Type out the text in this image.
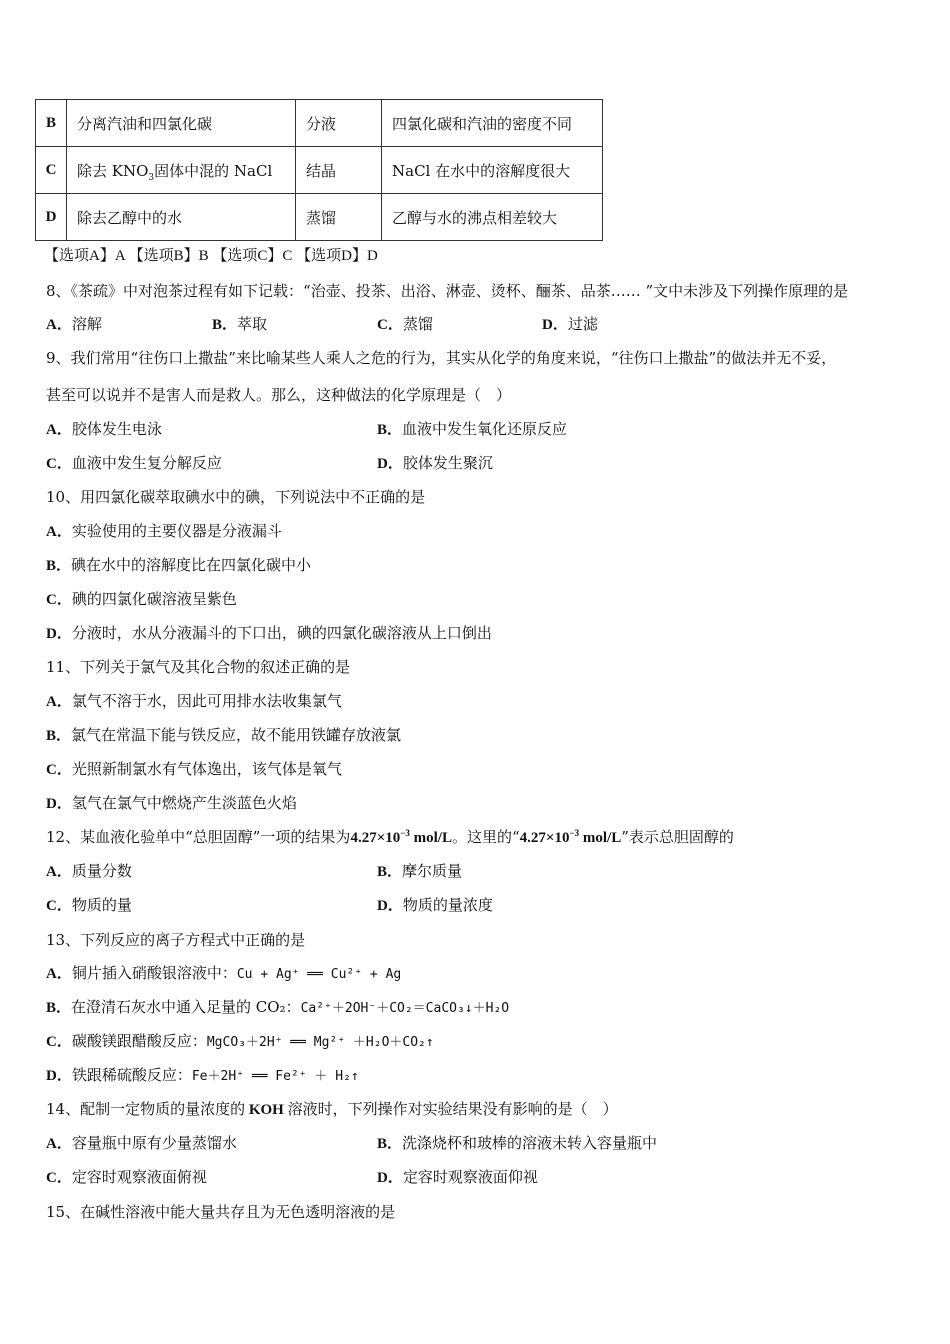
B	分离汽油和四氯化碳	分液	四氯化碳和汽油的密度不同
C	除去 $KNO_3$固体中混的 NaCl	结晶	NaCl 在水中的溶解度很大
D	除去乙醇中的水	蒸馏	乙醇与水的沸点相差较大
【选项A】A 【选项B】B 【选项C】C 【选项D】D
8、《茶疏》中对泡茶过程有如下记载：“治壶、投茶、出浴、淋壶、烫杯、酾茶、品茶…… ”文中未涉及下列操作原理的是
A．溶解	B．萃取	C．蒸馏	D．过滤
9、我们常用“往伤口上撒盐”来比喻某些人乘人之危的行为，其实从化学的角度来说，“往伤口上撒盐”的做法并无不妥，
甚至可以说并不是害人而是救人。那么，这种做法的化学原理是（　）
A．胶体发生电泳	B．血液中发生氧化还原反应
C．血液中发生复分解反应	D．胶体发生聚沉
10、用四氯化碳萃取碘水中的碘，下列说法中不正确的是
A．实验使用的主要仪器是分液漏斗
B．碘在水中的溶解度比在四氯化碳中小
C．碘的四氯化碳溶液呈紫色
D．分液时，水从分液漏斗的下口出，碘的四氯化碳溶液从上口倒出
11、下列关于氯气及其化合物的叙述正确的是
A．氯气不溶于水，因此可用排水法收集氯气
B．氯气在常温下能与铁反应，故不能用铁罐存放液氯
C．光照新制氯水有气体逸出，该气体是氧气
D．氢气在氯气中燃烧产生淡蓝色火焰
12、某血液化验单中“总胆固醇”一项的结果为$4.27\times 10^{-3}$ mol/L。这里的“$4.27\times 10^{-3}$ mol/L”表示总胆固醇的
A．质量分数	B．摩尔质量
C．物质的量	D．物质的量浓度
13、下列反应的离子方程式中正确的是
A．铜片插入硝酸银溶液中：Cu + Ag⁺ ══ Cu²⁺ + Ag
B．在澄清石灰水中通入足量的 CO₂：Ca²⁺＋2OH⁻＋CO₂＝CaCO₃↓＋H₂O
C．碳酸镁跟醋酸反应：MgCO₃＋2H⁺ ══ Mg²⁺ ＋H₂O＋CO₂↑
D．铁跟稀硫酸反应：Fe＋2H⁺ ══ Fe²⁺ ＋ H₂↑
14、配制一定物质的量浓度的 KOH 溶液时，下列操作对实验结果没有影响的是（　）
A．容量瓶中原有少量蒸馏水	B．洗涤烧杯和玻棒的溶液未转入容量瓶中
C．定容时观察液面俯视	D．定容时观察液面仰视
15、在碱性溶液中能大量共存且为无色透明溶液的是
